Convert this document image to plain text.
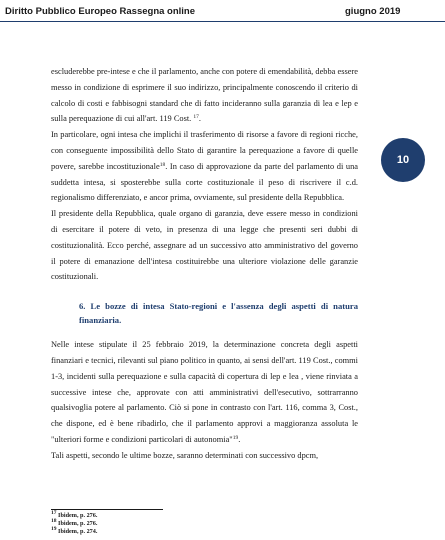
Diritto Pubblico Europeo Rassegna online	giugno 2019
10

escluderebbe pre-intese e che il parlamento, anche con potere di emendabilità, debba essere messo in condizione di esprimere il suo indirizzo, principalmente conoscendo il criterio di calcolo di costi e fabbisogni standard che di fatto incideranno sulla garanzia di lea e lep e sulla perequazione di cui all'art. 119 Cost. $^{17}$.

In particolare, ogni intesa che implichi il trasferimento di risorse a favore di regioni ricche, con conseguente impossibilità dello Stato di garantire la perequazione a favore di quelle povere, sarebbe incostituzionale$^{18}$. In caso di approvazione da parte del parlamento di una suddetta intesa, si sposterebbe sulla corte costituzionale il peso di riscrivere il c.d. regionalismo differenziato, e ancor prima, ovviamente, sul presidente della Repubblica.

Il presidente della Repubblica, quale organo di garanzia, deve essere messo in condizioni di esercitare il potere di veto, in presenza di una legge che presenti seri dubbi di costituzionalità. Ecco perché, assegnare ad un successivo atto amministrativo del governo il potere di emanazione dell'intesa costituirebbe una ulteriore violazione delle garanzie costituzionali.

6. Le bozze di intesa Stato-regioni e l'assenza degli aspetti di natura finanziaria.

Nelle intese stipulate il 25 febbraio 2019, la determinazione concreta degli aspetti finanziari e tecnici, rilevanti sul piano politico in quanto, ai sensi dell'art. 119 Cost., commi 1-3, incidenti sulla perequazione e sulla capacità di copertura di lep e lea , viene rinviata a successive intese che, approvate con atti amministrativi dell'esecutivo, sottrarranno qualsivoglia potere al parlamento. Ciò si pone in contrasto con l'art. 116, comma 3, Cost., che dispone, ed è bene ribadirlo, che il parlamento approvi a maggioranza assoluta le "ulteriori forme e condizioni particolari di autonomia"$^{19}$.

Tali aspetti, secondo le ultime bozze, saranno determinati con successivo dpcm,

$^{17}$ Ibidem, p. 276.
$^{18}$ Ibidem, p. 276.
$^{19}$ Ibidem, p. 274.
